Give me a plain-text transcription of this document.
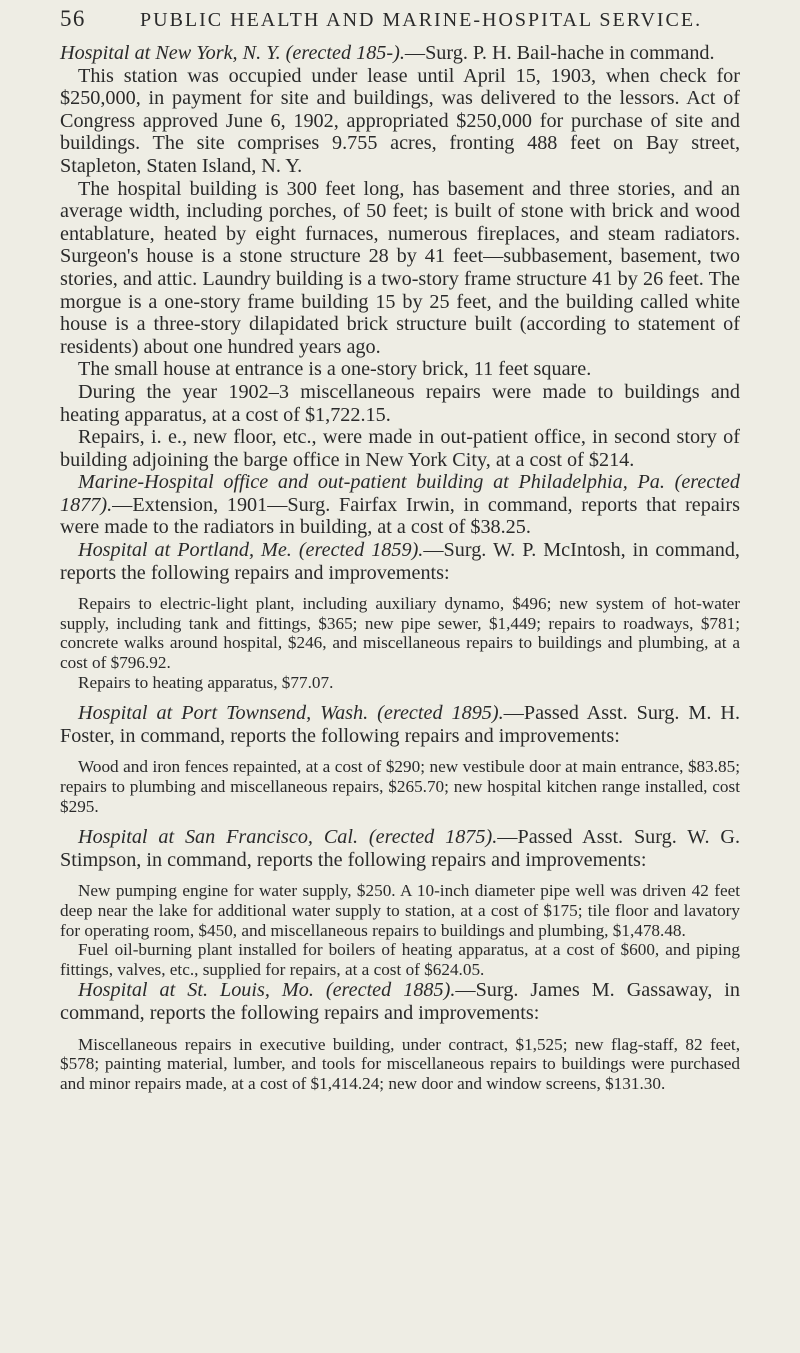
56	PUBLIC HEALTH AND MARINE-HOSPITAL SERVICE.

Hospital at New York, N. Y. (erected 185-).—Surg. P. H. Bail-hache in command.

This station was occupied under lease until April 15, 1903, when check for $250,000, in payment for site and buildings, was delivered to the lessors. Act of Congress approved June 6, 1902, appropriated $250,000 for purchase of site and buildings. The site comprises 9.755 acres, fronting 488 feet on Bay street, Stapleton, Staten Island, N. Y.

The hospital building is 300 feet long, has basement and three stories, and an average width, including porches, of 50 feet; is built of stone with brick and wood entablature, heated by eight furnaces, numerous fireplaces, and steam radiators. Surgeon's house is a stone structure 28 by 41 feet—subbasement, basement, two stories, and attic. Laundry building is a two-story frame structure 41 by 26 feet. The morgue is a one-story frame building 15 by 25 feet, and the building called white house is a three-story dilapidated brick structure built (according to statement of residents) about one hundred years ago.

The small house at entrance is a one-story brick, 11 feet square.

During the year 1902–3 miscellaneous repairs were made to buildings and heating apparatus, at a cost of $1,722.15.

Repairs, i. e., new floor, etc., were made in out-patient office, in second story of building adjoining the barge office in New York City, at a cost of $214.

Marine-Hospital office and out-patient building at Philadelphia, Pa. (erected 1877).—Extension, 1901—Surg. Fairfax Irwin, in command, reports that repairs were made to the radiators in building, at a cost of $38.25.

Hospital at Portland, Me. (erected 1859).—Surg. W. P. McIntosh, in command, reports the following repairs and improvements:

Repairs to electric-light plant, including auxiliary dynamo, $496; new system of hot-water supply, including tank and fittings, $365; new pipe sewer, $1,449; repairs to roadways, $781; concrete walks around hospital, $246, and miscellaneous repairs to buildings and plumbing, at a cost of $796.92.

Repairs to heating apparatus, $77.07.

Hospital at Port Townsend, Wash. (erected 1895).—Passed Asst. Surg. M. H. Foster, in command, reports the following repairs and improvements:

Wood and iron fences repainted, at a cost of $290; new vestibule door at main entrance, $83.85; repairs to plumbing and miscellaneous repairs, $265.70; new hospital kitchen range installed, cost $295.

Hospital at San Francisco, Cal. (erected 1875).—Passed Asst. Surg. W. G. Stimpson, in command, reports the following repairs and improvements:

New pumping engine for water supply, $250. A 10-inch diameter pipe well was driven 42 feet deep near the lake for additional water supply to station, at a cost of $175; tile floor and lavatory for operating room, $450, and miscellaneous repairs to buildings and plumbing, $1,478.48.

Fuel oil-burning plant installed for boilers of heating apparatus, at a cost of $600, and piping fittings, valves, etc., supplied for repairs, at a cost of $624.05.

Hospital at St. Louis, Mo. (erected 1885).—Surg. James M. Gassaway, in command, reports the following repairs and improvements:

Miscellaneous repairs in executive building, under contract, $1,525; new flag-staff, 82 feet, $578; painting material, lumber, and tools for miscellaneous repairs to buildings were purchased and minor repairs made, at a cost of $1,414.24; new door and window screens, $131.30.
